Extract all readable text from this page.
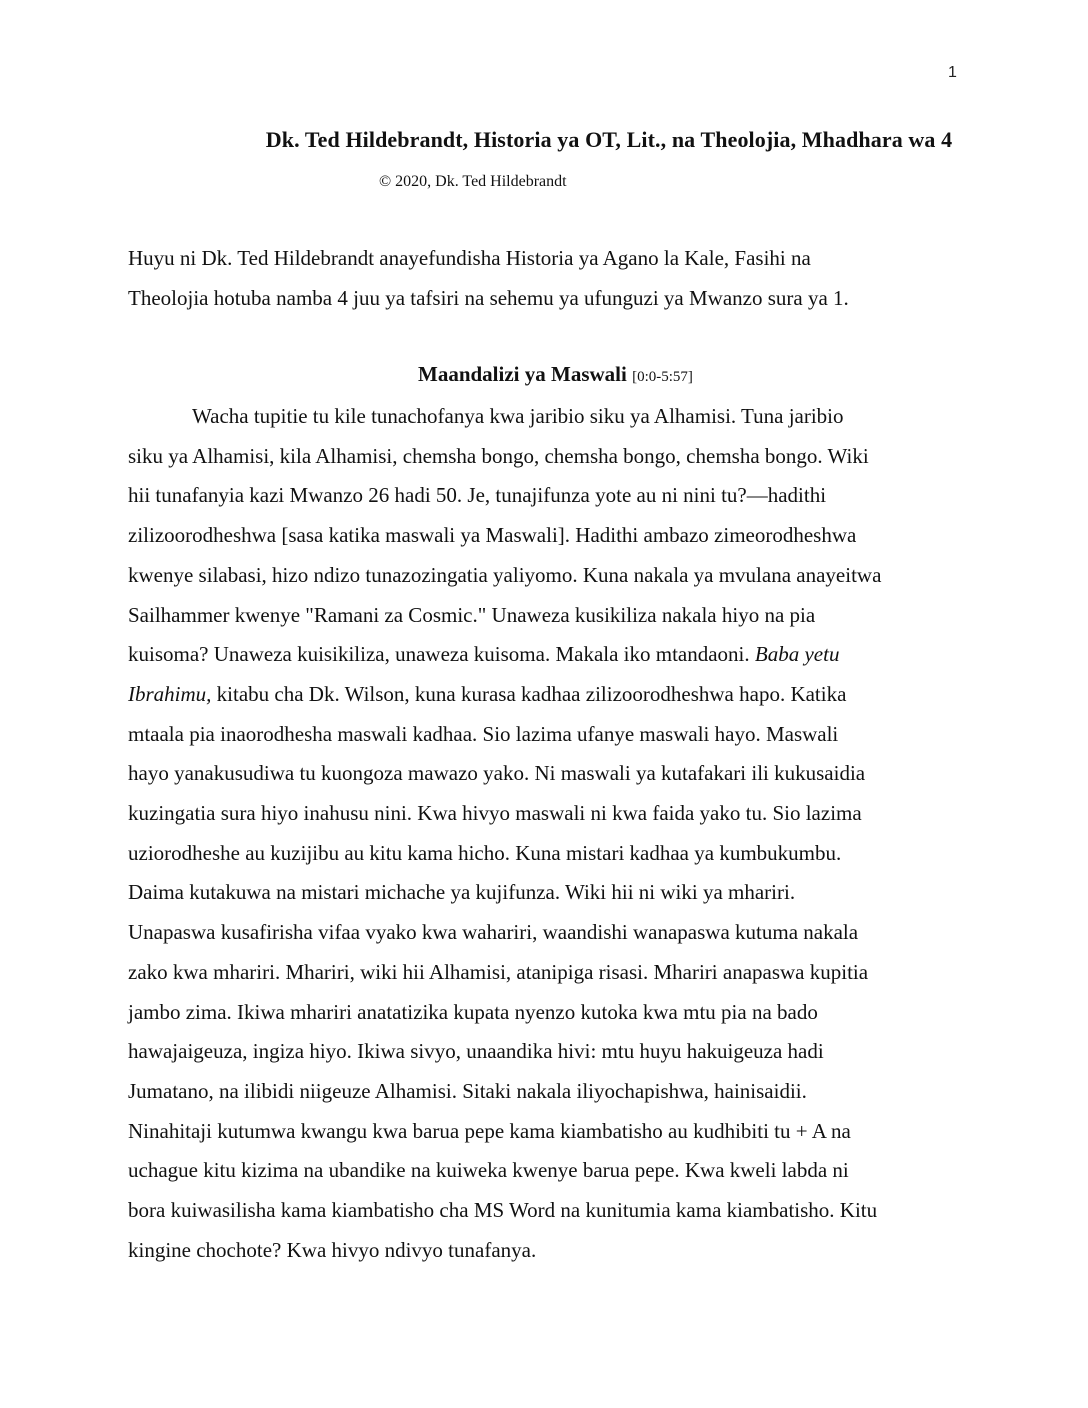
1
Dk. Ted Hildebrandt, Historia ya OT, Lit., na Theolojia, Mhadhara wa 4
© 2020, Dk. Ted Hildebrandt
Huyu ni Dk. Ted Hildebrandt anayefundisha Historia ya Agano la Kale, Fasihi na
Theolojia hotuba namba 4 juu ya tafsiri na sehemu ya ufunguzi ya Mwanzo sura ya 1.
Maandalizi ya Maswali [0:0-5:57]
Wacha tupitie tu kile tunachofanya kwa jaribio siku ya Alhamisi. Tuna jaribio
siku ya Alhamisi, kila Alhamisi, chemsha bongo, chemsha bongo, chemsha bongo. Wiki
hii tunafanyia kazi Mwanzo 26 hadi 50. Je, tunajifunza yote au ni nini tu?—hadithi
zilizoorodheshwa [sasa katika maswali ya Maswali]. Hadithi ambazo zimeorodheshwa
kwenye silabasi, hizo ndizo tunazozingatia yaliyomo. Kuna nakala ya mvulana anayeitwa
Sailhammer kwenye "Ramani za Cosmic." Unaweza kusikiliza nakala hiyo na pia
kuisoma? Unaweza kuisikiliza, unaweza kuisoma. Makala iko mtandaoni. Baba yetu
Ibrahimu, kitabu cha Dk. Wilson, kuna kurasa kadhaa zilizoorodheshwa hapo. Katika
mtaala pia inaorodhesha maswali kadhaa. Sio lazima ufanye maswali hayo. Maswali
hayo yanakusudiwa tu kuongoza mawazo yako. Ni maswali ya kutafakari ili kukusaidia
kuzingatia sura hiyo inahusu nini. Kwa hivyo maswali ni kwa faida yako tu. Sio lazima
uziorodheshe au kuzijibu au kitu kama hicho. Kuna mistari kadhaa ya kumbukumbu.
Daima kutakuwa na mistari michache ya kujifunza. Wiki hii ni wiki ya mhariri.
Unapaswa kusafirisha vifaa vyako kwa wahariri, waandishi wanapaswa kutuma nakala
zako kwa mhariri. Mhariri, wiki hii Alhamisi, atanipiga risasi. Mhariri anapaswa kupitia
jambo zima. Ikiwa mhariri anatatizika kupata nyenzo kutoka kwa mtu pia na bado
hawajaigeuza, ingiza hiyo. Ikiwa sivyo, unaandika hivi: mtu huyu hakuigeuza hadi
Jumatano, na ilibidi niigeuze Alhamisi. Sitaki nakala iliyochapishwa, hainisaidii.
Ninahitaji kutumwa kwangu kwa barua pepe kama kiambatisho au kudhibiti tu + A na
uchague kitu kizima na ubandike na kuiweka kwenye barua pepe. Kwa kweli labda ni
bora kuiwasilisha kama kiambatisho cha MS Word na kunitumia kama kiambatisho. Kitu
kingine chochote? Kwa hivyo ndivyo tunafanya.
